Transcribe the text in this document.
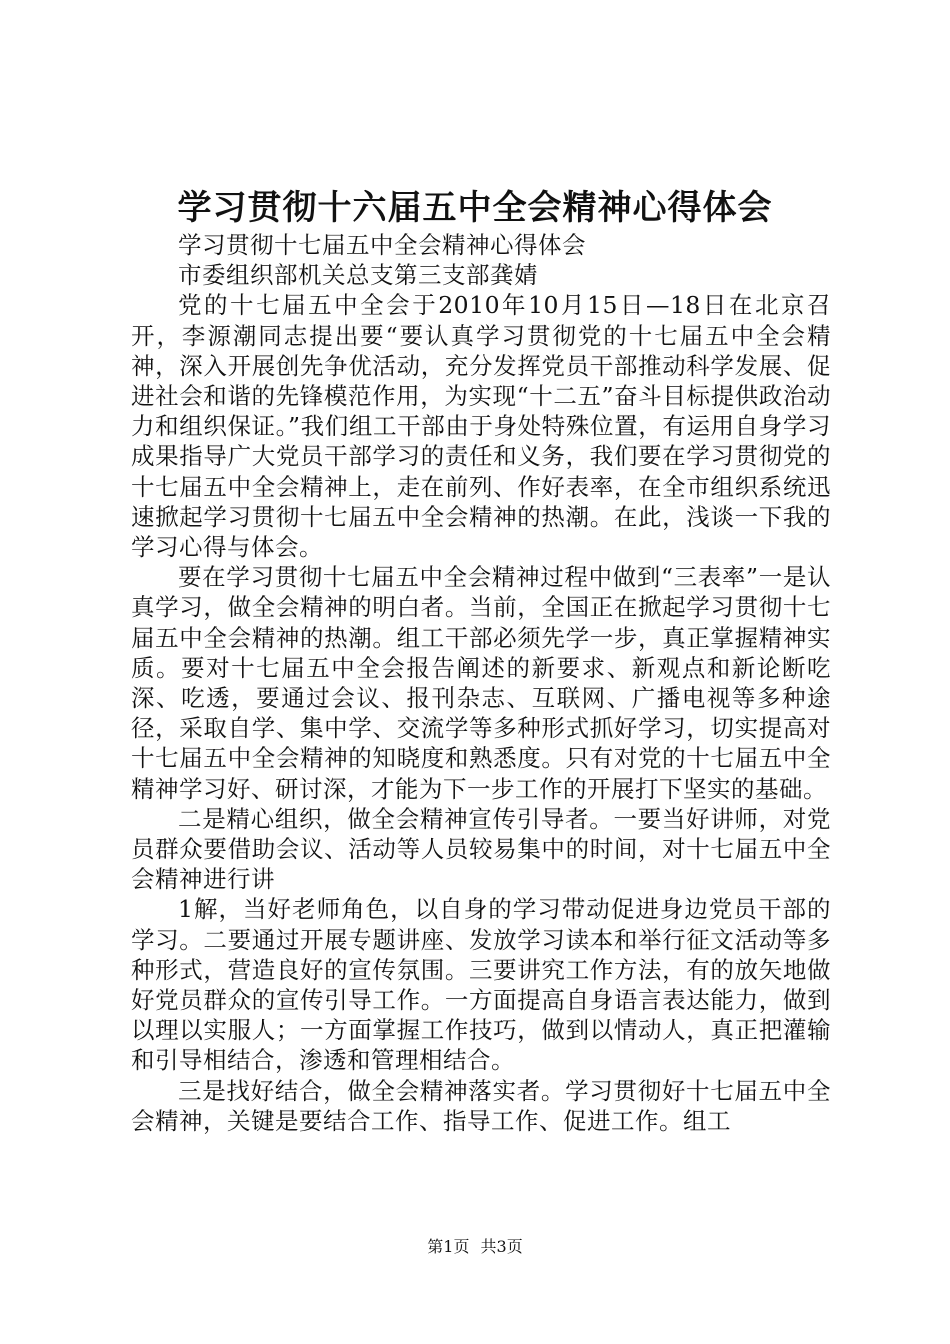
学习贯彻十六届五中全会精神心得体会

学习贯彻十七届五中全会精神心得体会

市委组织部机关总支第三支部龚婧

党的十七届五中全会于2010年10月15日—18日在北京召开，李源潮同志提出要“要认真学习贯彻党的十七届五中全会精神，深入开展创先争优活动，充分发挥党员干部推动科学发展、促进社会和谐的先锋模范作用，为实现“十二五”奋斗目标提供政治动力和组织保证。”我们组工干部由于身处特殊位置，有运用自身学习成果指导广大党员干部学习的责任和义务，我们要在学习贯彻党的十七届五中全会精神上，走在前列、作好表率，在全市组织系统迅速掀起学习贯彻十七届五中全会精神的热潮。在此，浅谈一下我的学习心得与体会。

要在学习贯彻十七届五中全会精神过程中做到“三表率”一是认真学习，做全会精神的明白者。当前，全国正在掀起学习贯彻十七届五中全会精神的热潮。组工干部必须先学一步，真正掌握精神实质。要对十七届五中全会报告阐述的新要求、新观点和新论断吃深、吃透，要通过会议、报刊杂志、互联网、广播电视等多种途径，采取自学、集中学、交流学等多种形式抓好学习，切实提高对十七届五中全会精神的知晓度和熟悉度。只有对党的十七届五中全精神学习好、研讨深，才能为下一步工作的开展打下坚实的基础。

二是精心组织，做全会精神宣传引导者。一要当好讲师，对党员群众要借助会议、活动等人员较易集中的时间，对十七届五中全会精神进行讲

1解，当好老师角色，以自身的学习带动促进身边党员干部的学习。二要通过开展专题讲座、发放学习读本和举行征文活动等多种形式，营造良好的宣传氛围。三要讲究工作方法，有的放矢地做好党员群众的宣传引导工作。一方面提高自身语言表达能力，做到以理以实服人；一方面掌握工作技巧，做到以情动人，真正把灌输和引导相结合，渗透和管理相结合。

三是找好结合，做全会精神落实者。学习贯彻好十七届五中全会精神，关键是要结合工作、指导工作、促进工作。组工

第1页 共3页
